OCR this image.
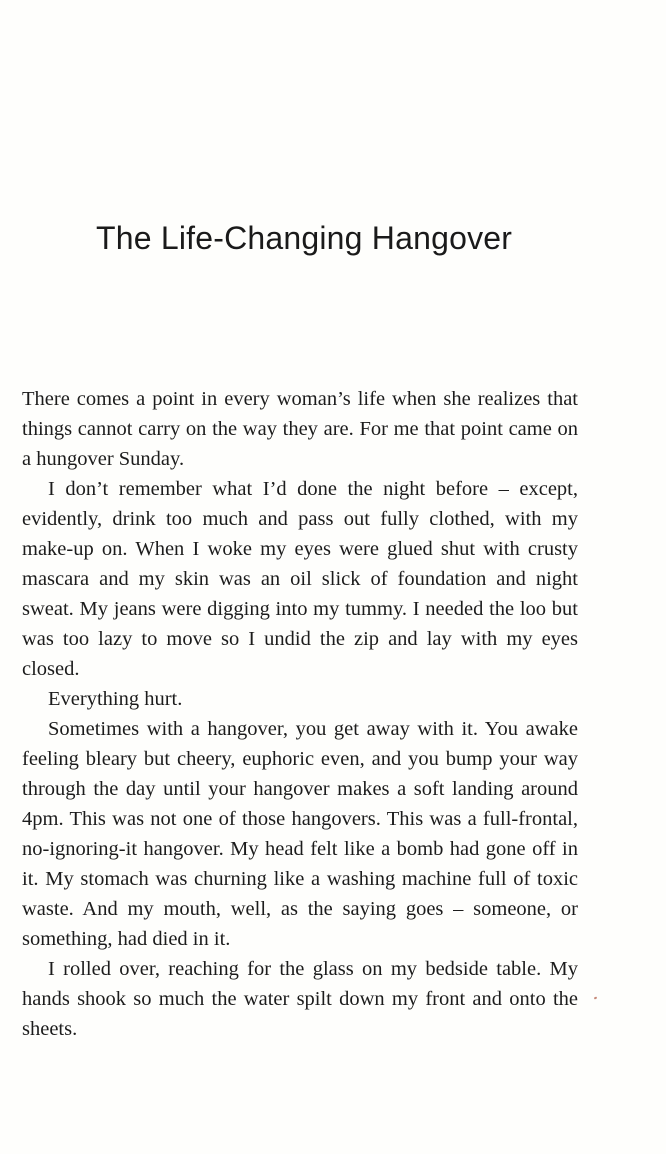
The Life-Changing Hangover

There comes a point in every woman’s life when she realizes that things cannot carry on the way they are. For me that point came on a hungover Sunday.

I don’t remember what I’d done the night before – except, evidently, drink too much and pass out fully clothed, with my make-up on. When I woke my eyes were glued shut with crusty mascara and my skin was an oil slick of foundation and night sweat. My jeans were digging into my tummy. I needed the loo but was too lazy to move so I undid the zip and lay with my eyes closed.

Everything hurt.

Sometimes with a hangover, you get away with it. You awake feeling bleary but cheery, euphoric even, and you bump your way through the day until your hangover makes a soft landing around 4pm. This was not one of those hangovers. This was a full-frontal, no-ignoring-it hangover. My head felt like a bomb had gone off in it. My stomach was churning like a washing machine full of toxic waste. And my mouth, well, as the saying goes – someone, or something, had died in it.

I rolled over, reaching for the glass on my bedside table. My hands shook so much the water spilt down my front and onto the sheets.
